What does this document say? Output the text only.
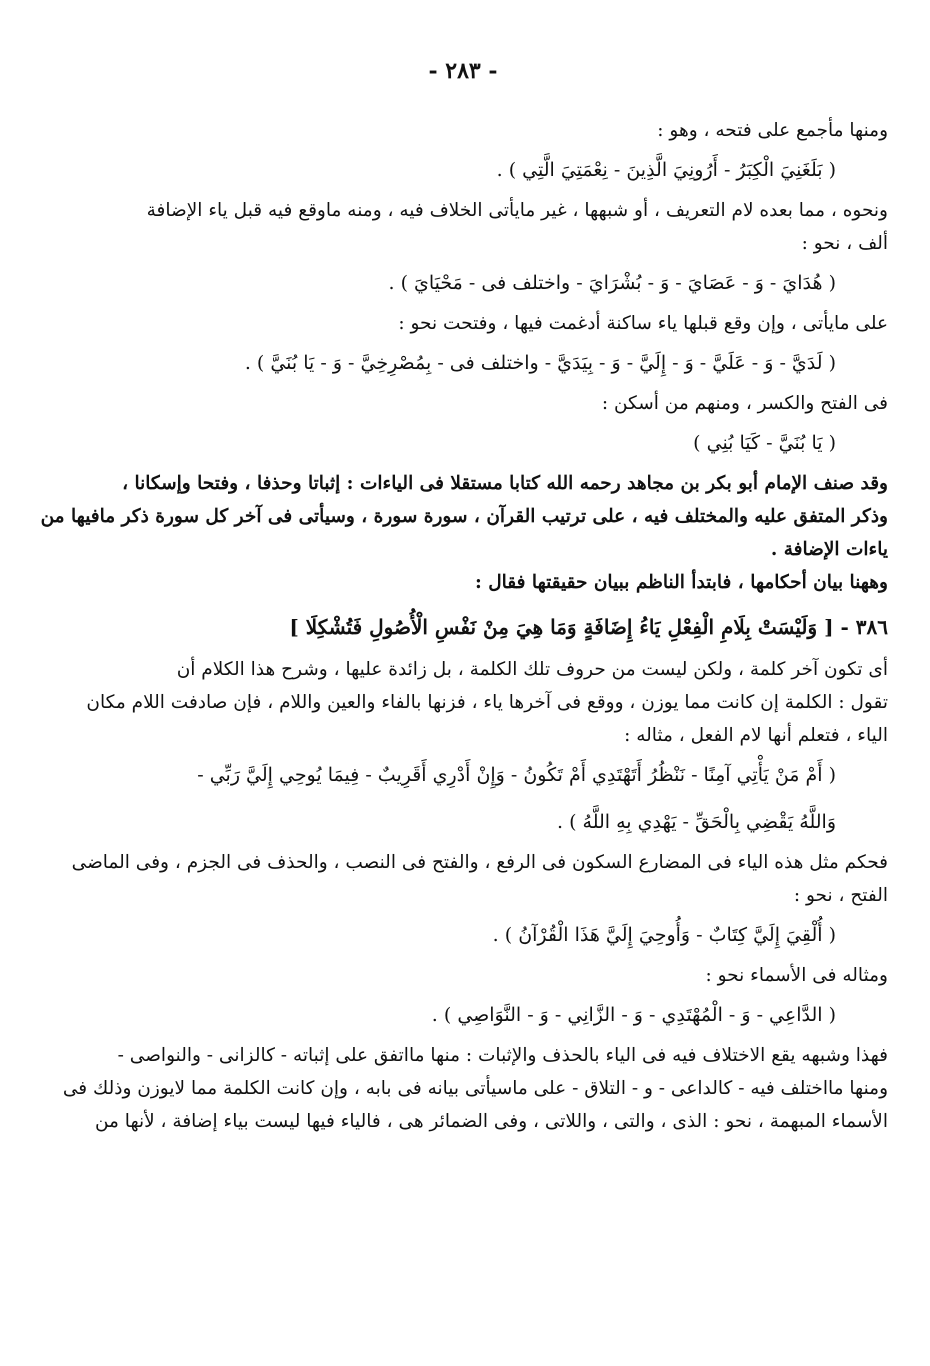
- ٢٨٣ -

ومنها مأجمع على فتحه ، وهو :

( بَلَغَنِيَ الْكِبَرُ - أَرُونِيَ الَّذِينَ - نِعْمَتِيَ الَّتِي ) .

ونحوه ، مما بعده لام التعريف ، أو شبهها ، غير مايأتى الخلاف فيه ، ومنه ماوقع فيه قبل ياء الإضافة

ألف ، نحو :

( هُدَايَ - وَ - عَصَايَ - وَ - بُشْرَايَ - واختلف فى - مَحْيَايَ ) .

على مايأتى ، وإن وقع قبلها ياء ساكنة أدغمت فيها ، وفتحت نحو :

( لَدَيَّ - وَ - عَلَيَّ - وَ - إِلَيَّ - وَ - بِيَدَيَّ - واختلف فى - بِمُصْرِخِيَّ - وَ - يَا بُنَيَّ ) .

فى الفتح والكسر ، ومنهم من أسكن :

( يَا بُنَيَّ - كَيَا بُنِي )

وقد صنف الإمام أبو بكر بن مجاهد رحمه الله كتابا مستقلا فى الياءات : إثباتا وحذفا ، وفتحا وإسكانا ،

وذكر المتفق عليه والمختلف فيه ، على ترتيب القرآن ، سورة سورة ، وسيأتى فى آخر كل سورة ذكر مافيها من

ياءات الإضافة .

وههنا بيان أحكامها ، فابتدأ الناظم ببيان حقيقتها فقال :

٣٨٦ - [ وَلَيْسَتْ بِلَامِ الْفِعْلِ يَاءُ إِضَافَةٍ وَمَا هِيَ مِنْ نَفْسِ الْأُصُولِ فَتُشْكِلَا ]

أى تكون آخر كلمة ، ولكن ليست من حروف تلك الكلمة ، بل زائدة عليها ، وشرح هذا الكلام أن

تقول : الكلمة إن كانت مما يوزن ، ووقع فى آخرها ياء ، فزنها بالفاء والعين واللام ، فإن صادفت اللام مكان

الياء ، فتعلم أنها لام الفعل ، مثاله :

( أَمْ مَنْ يَأْتِي آمِنًا - نَنْظُرُ أَتَهْتَدِي أَمْ تَكُونُ - وَإِنْ أَدْرِي أَقَرِيبٌ - فِيمَا يُوحِي إِلَيَّ رَبِّي -

وَاللَّهُ يَقْضِي بِالْحَقِّ - يَهْدِي بِهِ اللَّهُ ) .

فحكم مثل هذه الياء فى المضارع السكون فى الرفع ، والفتح فى النصب ، والحذف فى الجزم ، وفى الماضى

الفتح ، نحو :

( أُلْقِيَ إِلَيَّ كِتَابٌ - وَأُوحِيَ إِلَيَّ هَذَا الْقُرْآنُ ) .

ومثاله فى الأسماء نحو :

( الدَّاعِي - وَ - الْمُهْتَدِي - وَ - الزَّانِي - وَ - النَّوَاصِي ) .

فهذا وشبهه يقع الاختلاف فيه فى الياء بالحذف والإثبات : منها مااتفق على إثباته - كالزانى - والنواصى -

ومنها مااختلف فيه - كالداعى - و - التلاق - على ماسيأتى بيانه فى بابه ، وإن كانت الكلمة مما لايوزن وذلك فى

الأسماء المبهمة ، نحو : الذى ، والتى ، واللاتى ، وفى الضمائر هى ، فالياء فيها ليست بياء إضافة ، لأنها من
